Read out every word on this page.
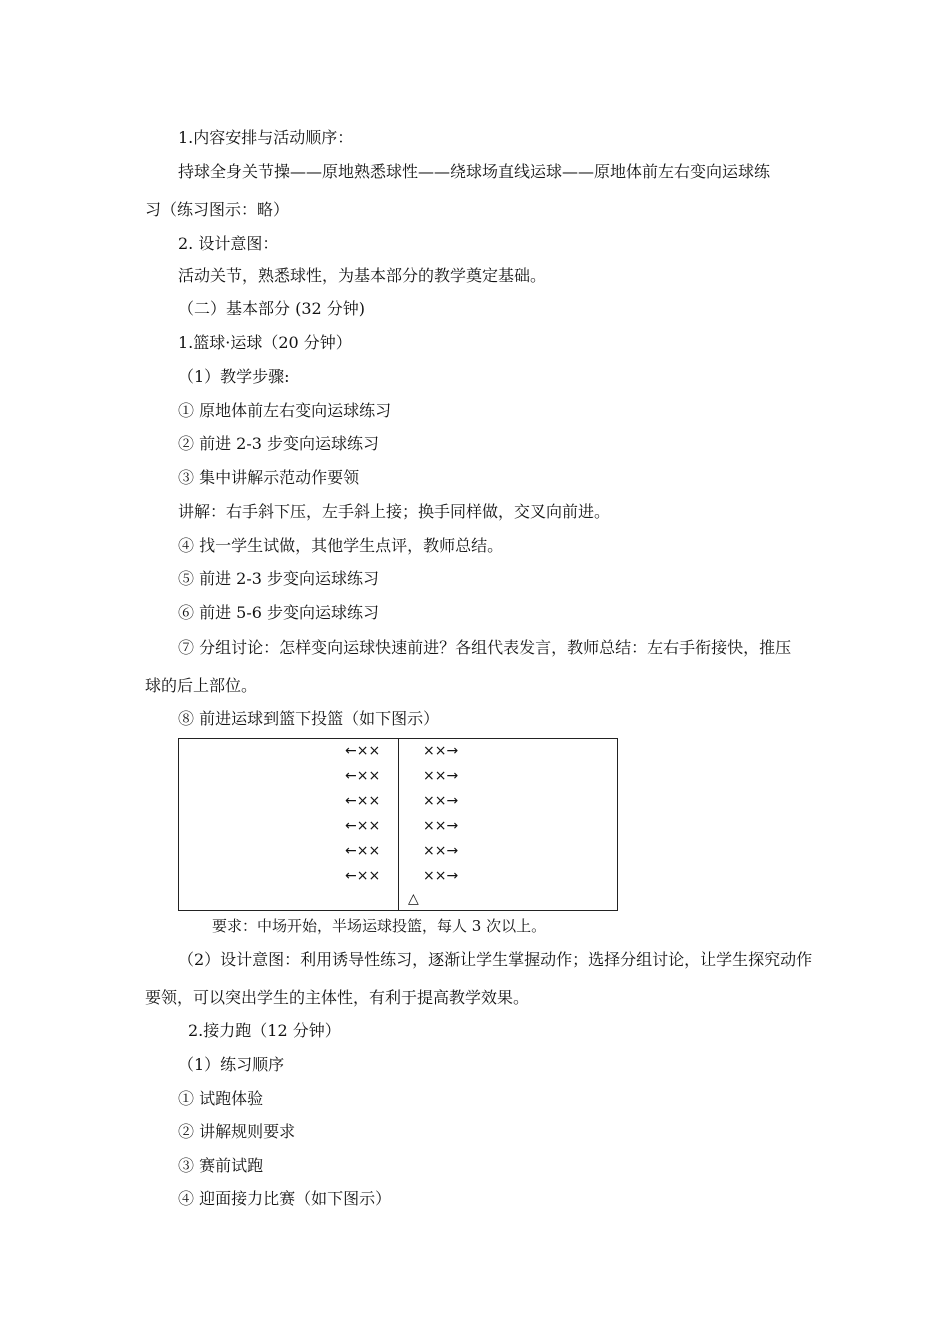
1.内容安排与活动顺序：
持球全身关节操——原地熟悉球性——绕球场直线运球——原地体前左右变向运球练
习（练习图示：略）
2. 设计意图：
活动关节，熟悉球性，为基本部分的教学奠定基础。
（二）基本部分 (32 分钟)
1.篮球·运球（20 分钟）
（1）教学步骤:
① 原地体前左右变向运球练习
② 前进 2-3 步变向运球练习
③ 集中讲解示范动作要领
讲解：右手斜下压，左手斜上接；换手同样做，交叉向前进。
④ 找一学生试做，其他学生点评，教师总结。
⑤ 前进 2-3 步变向运球练习
⑥ 前进 5-6 步变向运球练习
⑦ 分组讨论：怎样变向运球快速前进？各组代表发言，教师总结：左右手衔接快，推压
球的后上部位。
⑧ 前进运球到篮下投篮（如下图示）
←××
←××
←××
←××
←××
←××
××→
××→
××→
××→
××→
××→
△
要求：中场开始，半场运球投篮，每人 3 次以上。
（2）设计意图：利用诱导性练习，逐渐让学生掌握动作；选择分组讨论，让学生探究动作
要领，可以突出学生的主体性，有利于提高教学效果。
2.接力跑（12 分钟）
（1）练习顺序
① 试跑体验
② 讲解规则要求
③ 赛前试跑
④ 迎面接力比赛（如下图示）
